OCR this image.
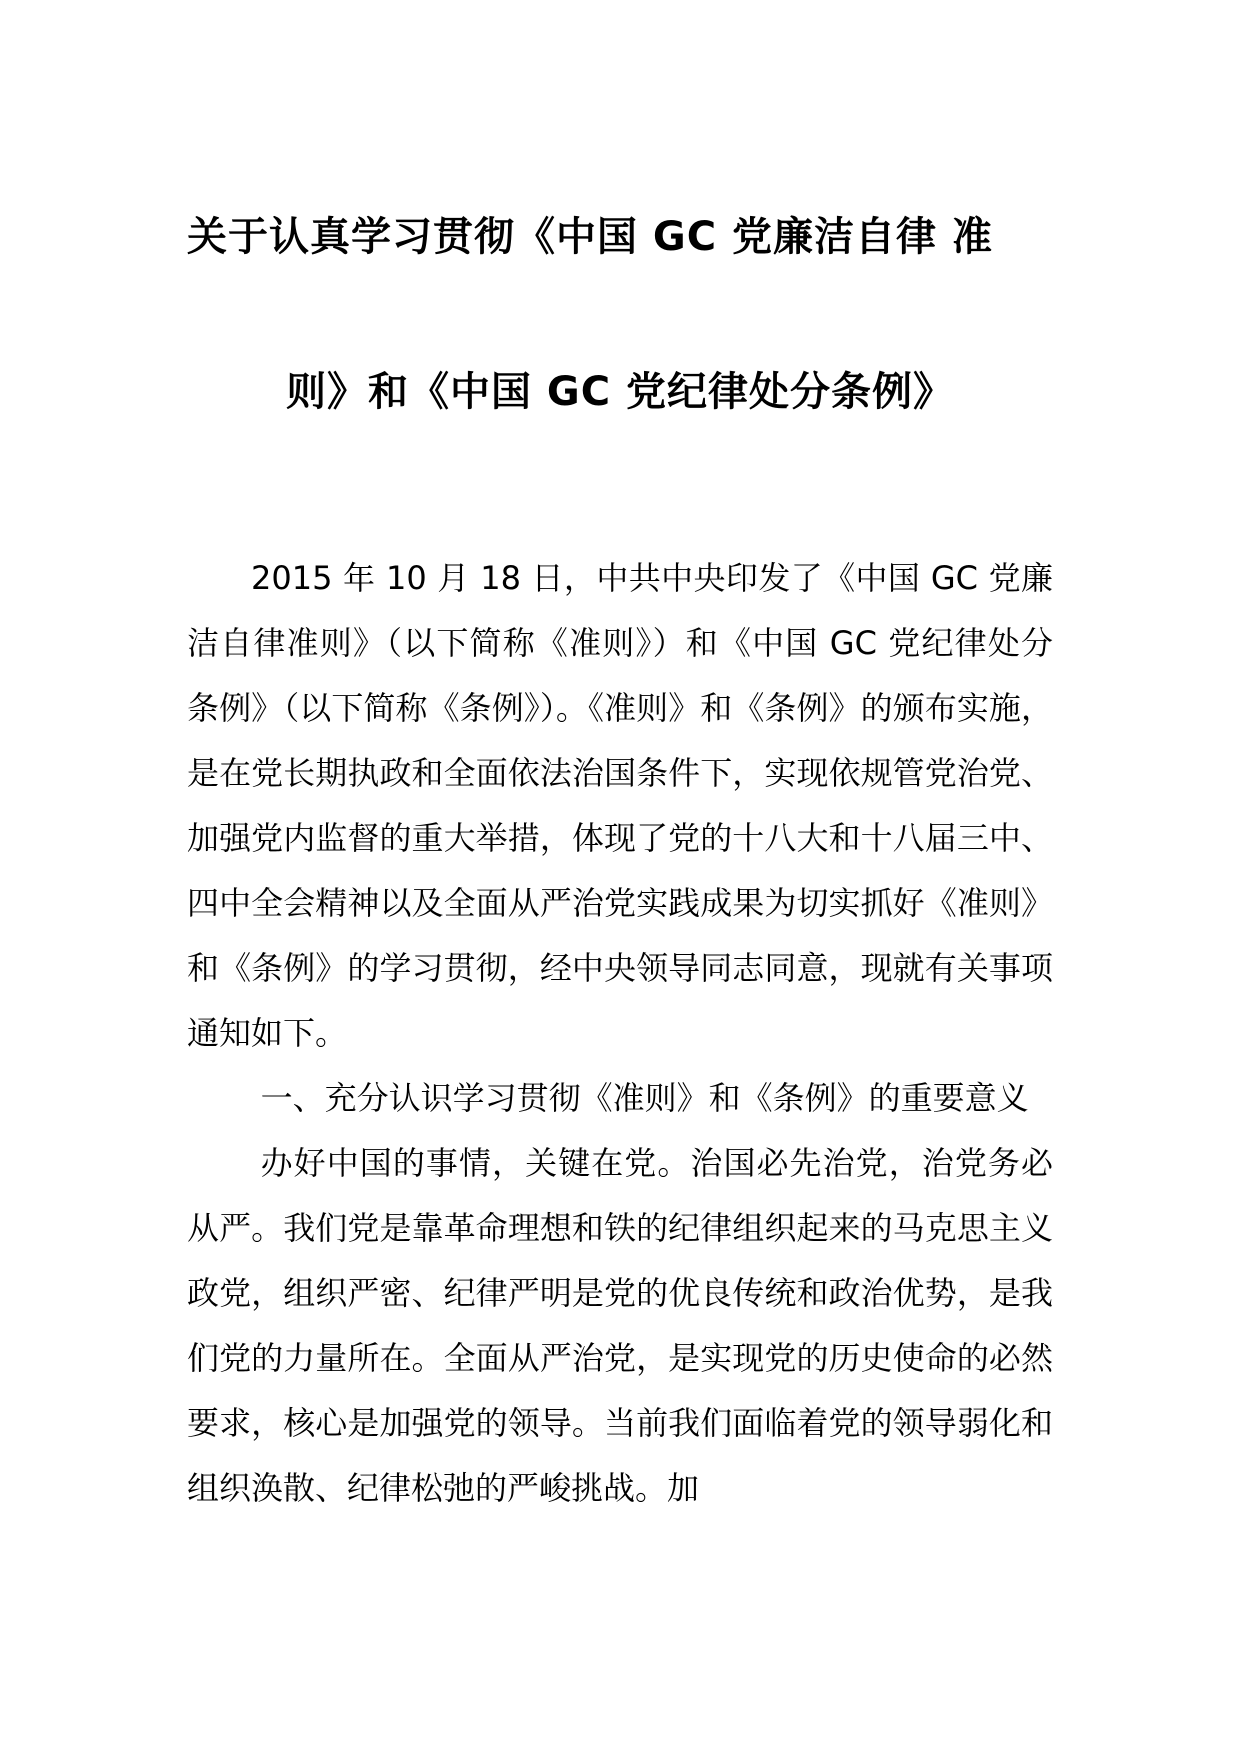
关于认真学习贯彻《中国 GC 党廉洁自律 准
则》和《中国 GC 党纪律处分条例》

2015 年 10 月 18 日，中共中央印发了《中国 GC 党廉洁自律准则》（以下简称《准则》）和《中国 GC 党纪律处分条例》（以下简称《条例》）。《准则》和《条例》的颁布实施，是在党长期执政和全面依法治国条件下，实现依规管党治党、加强党内监督的重大举措，体现了党的十八大和十八届三中、四中全会精神以及全面从严治党实践成果为切实抓好《准则》和《条例》的学习贯彻，经中央领导同志同意，现就有关事项通知如下。

一、充分认识学习贯彻《准则》和《条例》的重要意义

办好中国的事情，关键在党。治国必先治党，治党务必从严。我们党是靠革命理想和铁的纪律组织起来的马克思主义政党，组织严密、纪律严明是党的优良传统和政治优势，是我们党的力量所在。全面从严治党，是实现党的历史使命的必然要求，核心是加强党的领导。当前我们面临着党的领导弱化和组织涣散、纪律松弛的严峻挑战。加
